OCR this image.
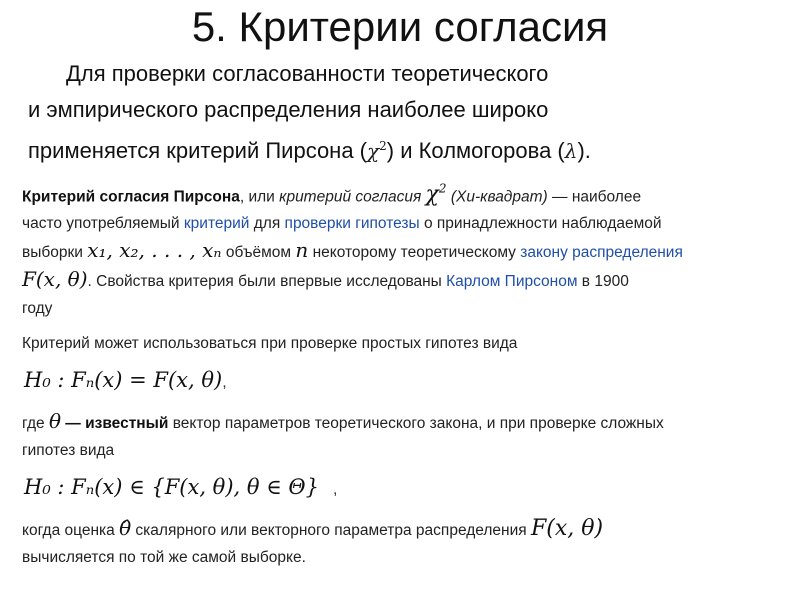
5. Критерии согласия
Для проверки согласованности теоретического
и эмпирического распределения наиболее широко
применяется критерий Пирсона $(\chi^2)$ и Колмогорова (λ).

Критерий согласия Пирсона, или критерий согласия $\chi^2$ (Хи-квадрат) — наиболее
часто употребляемый критерий для проверки гипотезы о принадлежности наблюдаемой
выборки x₁, x₂, . . . , xₙ объёмом n некоторому теоретическому закону распределения
F(x, θ). Свойства критерия были впервые исследованы Карлом Пирсоном в 1900
году

Критерий может использоваться при проверке простых гипотез вида

H₀ : Fₙ(x) = F(x, θ),

где θ — известный вектор параметров теоретического закона, и при проверке сложных
гипотез вида

H₀ : Fₙ(x) ∈ {F(x, θ), θ ∈ Θ} ,

когда оценка θ̂ скалярного или векторного параметра распределения F(x, θ)
вычисляется по той же самой выборке.
